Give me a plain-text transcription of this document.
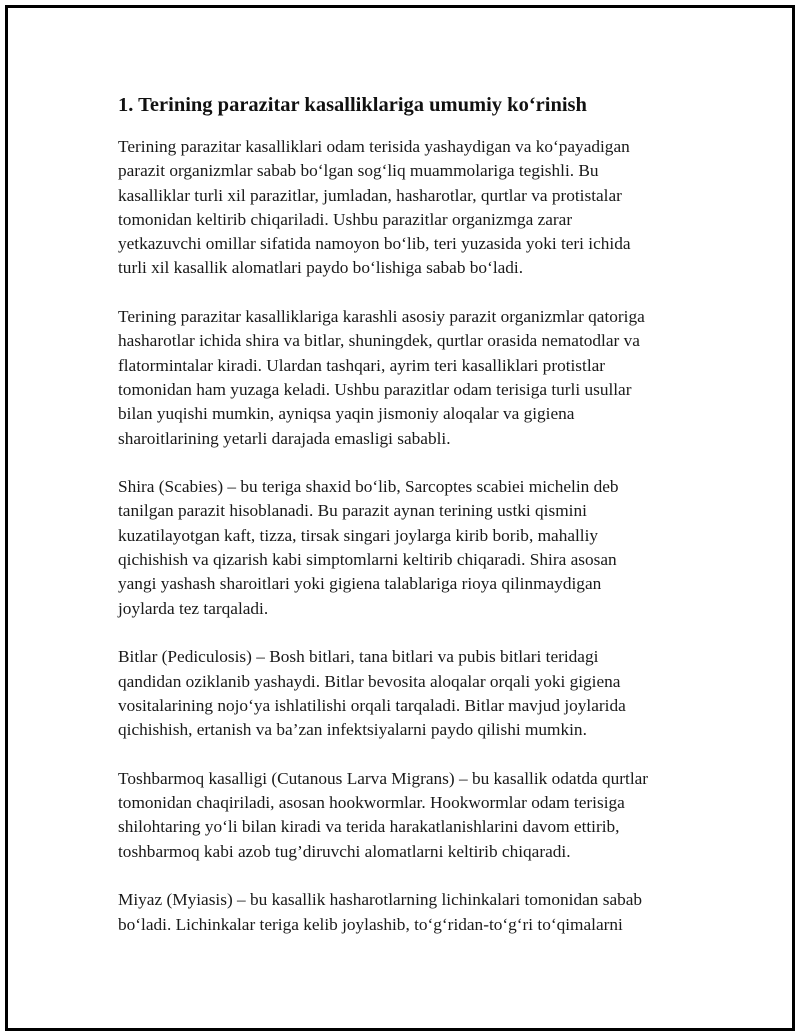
1. Terining parazitar kasalliklariga umumiy ko‘rinish

Terining parazitar kasalliklari odam terisida yashaydigan va ko‘payadigan
parazit organizmlar sabab bo‘lgan sog‘liq muammolariga tegishli. Bu
kasalliklar turli xil parazitlar, jumladan, hasharotlar, qurtlar va protistalar
tomonidan keltirib chiqariladi. Ushbu parazitlar organizmga zarar
yetkazuvchi omillar sifatida namoyon bo‘lib, teri yuzasida yoki teri ichida
turli xil kasallik alomatlari paydo bo‘lishiga sabab bo‘ladi.

Terining parazitar kasalliklariga karashli asosiy parazit organizmlar qatoriga
hasharotlar ichida shira va bitlar, shuningdek, qurtlar orasida nematodlar va
flatormintalar kiradi. Ulardan tashqari, ayrim teri kasalliklari protistlar
tomonidan ham yuzaga keladi. Ushbu parazitlar odam terisiga turli usullar
bilan yuqishi mumkin, ayniqsa yaqin jismoniy aloqalar va gigiena
sharoitlarining yetarli darajada emasligi sababli.

Shira (Scabies) – bu teriga shaxid bo‘lib, Sarcoptes scabiei michelin deb
tanilgan parazit hisoblanadi. Bu parazit aynan terining ustki qismini
kuzatilayotgan kaft, tizza, tirsak singari joylarga kirib borib, mahalliy
qichishish va qizarish kabi simptomlarni keltirib chiqaradi. Shira asosan
yangi yashash sharoitlari yoki gigiena talablariga rioya qilinmaydigan
joylarda tez tarqaladi.

Bitlar (Pediculosis) – Bosh bitlari, tana bitlari va pubis bitlari teridagi
qandidan oziklanib yashaydi. Bitlar bevosita aloqalar orqali yoki gigiena
vositalarining nojo‘ya ishlatilishi orqali tarqaladi. Bitlar mavjud joylarida
qichishish, ertanish va ba’zan infektsiyalarni paydo qilishi mumkin.

Toshbarmoq kasalligi (Cutanous Larva Migrans) – bu kasallik odatda qurtlar
tomonidan chaqiriladi, asosan hookwormlar. Hookwormlar odam terisiga
shilohtaring yo‘li bilan kiradi va terida harakatlanishlarini davom ettirib,
toshbarmoq kabi azob tug’diruvchi alomatlarni keltirib chiqaradi.

Miyaz (Myiasis) – bu kasallik hasharotlarning lichinkalari tomonidan sabab
bo‘ladi. Lichinkalar teriga kelib joylashib, to‘g‘ridan-to‘g‘ri to‘qimalarni
